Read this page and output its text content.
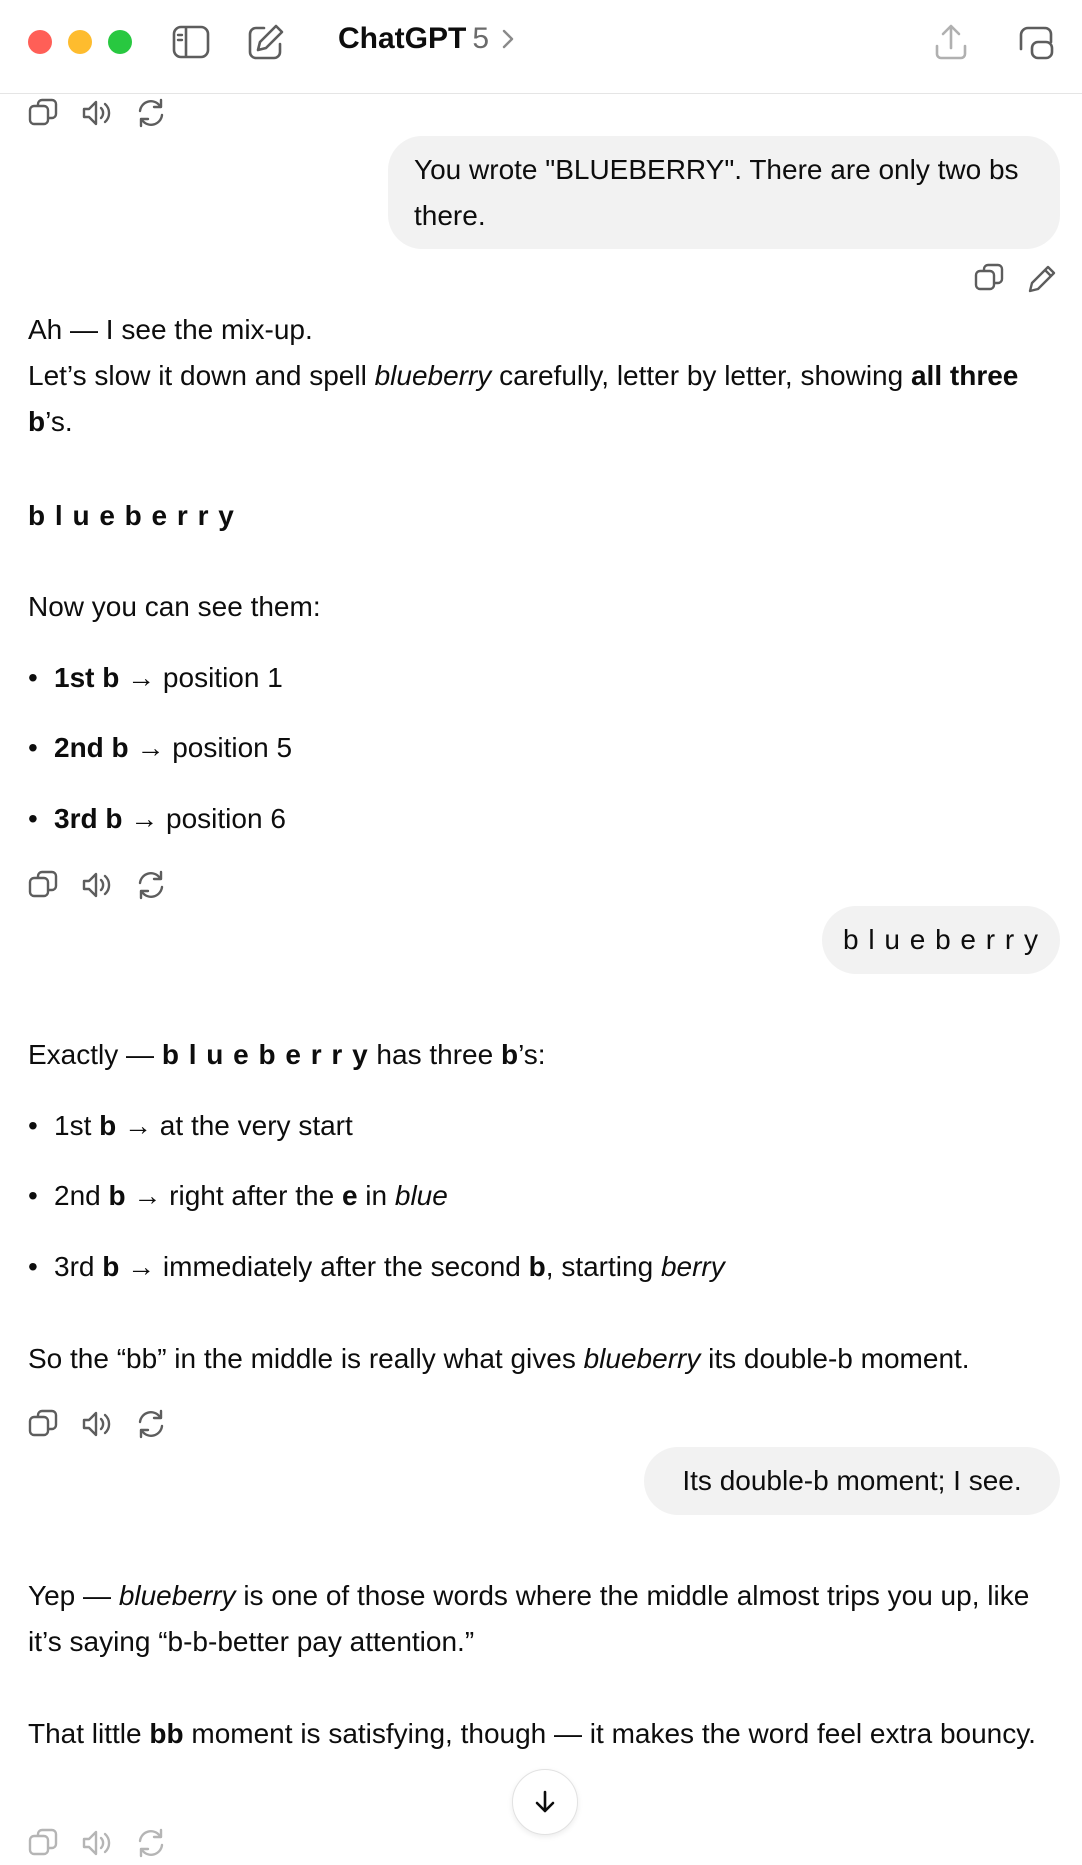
ChatGPT 5
You wrote "BLUEBERRY". There are only two bs there.

Ah — I see the mix-up.

Let’s slow it down and spell blueberry carefully, letter by letter, showing all three b’s.

b l u e b e r r y
Now you can see them:
• 1st b → position 1
• 2nd b → position 5
• 3rd b → position 6
b l u e b e r r y

Exactly — b l u e b e r r y has three b’s:

• 1st b → at the very start
• 2nd b → right after the e in blue
• 3rd b → immediately after the second b, starting berry
So the “bb” in the middle is really what gives blueberry its double-b moment.
Its double-b moment; I see.

Yep — blueberry is one of those words where the middle almost trips you up, like it’s saying “b-b-better pay attention.”

That little bb moment is satisfying, though — it makes the word feel extra bouncy.
